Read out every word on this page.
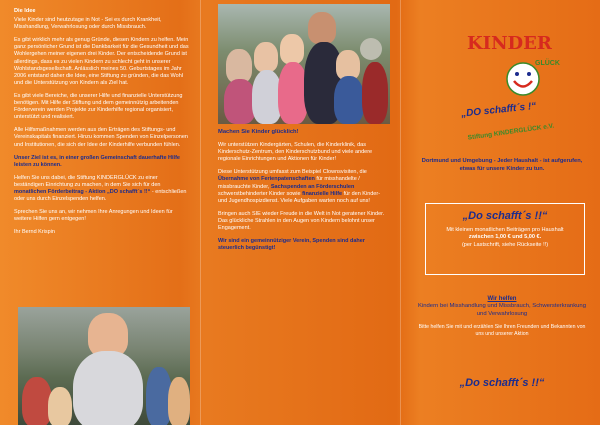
Die Idee

Viele Kinder sind heutzutage in Not - Sei es durch Krankheit, Misshandlung, Verwahrlosung oder durch Missbrauch.

Es gibt wirklich mehr als genug Gründe, diesen Kindern zu helfen. Mein ganz persönlicher Grund ist die Dankbarkeit für die Gesundheit und das Wohlergehen meiner eigenen drei Kinder. Der entscheidende Grund ist allerdings, dass es zu vielen Kindern zu schlecht geht in unserer Wohlstandsgesellschaft. Anlässlich meines 50. Geburtstages im Jahr 2006 entstand daher die Idee, eine Stiftung zu gründen, die das Wohl und die Unterstützung von Kindern als Ziel hat.

Es gibt viele Bereiche, die unserer Hilfe und finanzielle Unterstützung benötigen. Mit Hilfe der Stiftung und dem gemeinnützig arbeitenden Förderverein werden Projekte zur Kinderhilfe regional organisiert, unterstützt und realisiert.

Alle Hilfsmaßnahmen werden aus den Erträgen des Stiftungs- und Vereinskapitals finanziert. Hinzu kommen Spenden von Einzelpersonen und Institutionen, die sich der Idee der Kinderhilfe verbunden fühlen.

Unser Ziel ist es, in einer großen Gemeinschaft dauerhafte Hilfe leisten zu können.

Helfen Sie uns dabei, die Stiftung KINDERGLÜCK zu einer beständigen Einrichtung zu machen, in dem Sie sich für den monatlichen Förderbeitrag - Aktion „DO schafft´s !!“ - entschließen oder uns durch Einzelspenden helfen.

Sprechen Sie uns an, wir nehmen Ihre Anregungen und Ideen für weitere Hilfen gern entgegen!

Ihr Bernd Krispin

Machen Sie Kinder glücklich!

Wir unterstützen Kindergärten, Schulen, die Kinderklinik, das Kinderschutz-Zentrum, den Kinderschutzbund und viele andere regionale Einrichtungen und Aktionen für Kinder!

Diese Unterstützung umfasst zum Beispiel Clownsvisiten, die Übernahme von Ferienpatenschaften für misshandelte / missbrauchte Kinder, Sachspenden an Förderschulen schwerstbehinderter Kinder sowie finanzielle Hilfe für den Kinder- und Jugendhospizdienst. Viele Aufgaben warten noch auf uns!

Bringen auch SIE wieder Freude in die Welt in Not geratener Kinder. Das glückliche Strahlen in den Augen von Kindern belohnt unser Engagement.

Wir sind ein gemeinnütziger Verein, Spenden sind daher steuerlich begünstigt!

KINDER
GLÜCK
„DO schafft´s !“
Stiftung KINDERGLÜCK e.V.
Dortmund und Umgebung - Jeder Haushalt - ist aufgerufen, etwas für unsere Kinder zu tun.
„Do schafft´s !!“
Mit kleinen monatlichen Beiträgen pro Haushalt
zwischen 1,00 € und 5,00 €.
(per Lastschrift, siehe Rückseite !!)
Wir helfen
Kindern bei Misshandlung und Missbrauch, Schwersterkrankung und Verwahrlosung
Bitte helfen Sie mit und erzählen Sie Ihren Freunden und Bekannten von uns und unserer Aktion
„Do schafft´s !!“
